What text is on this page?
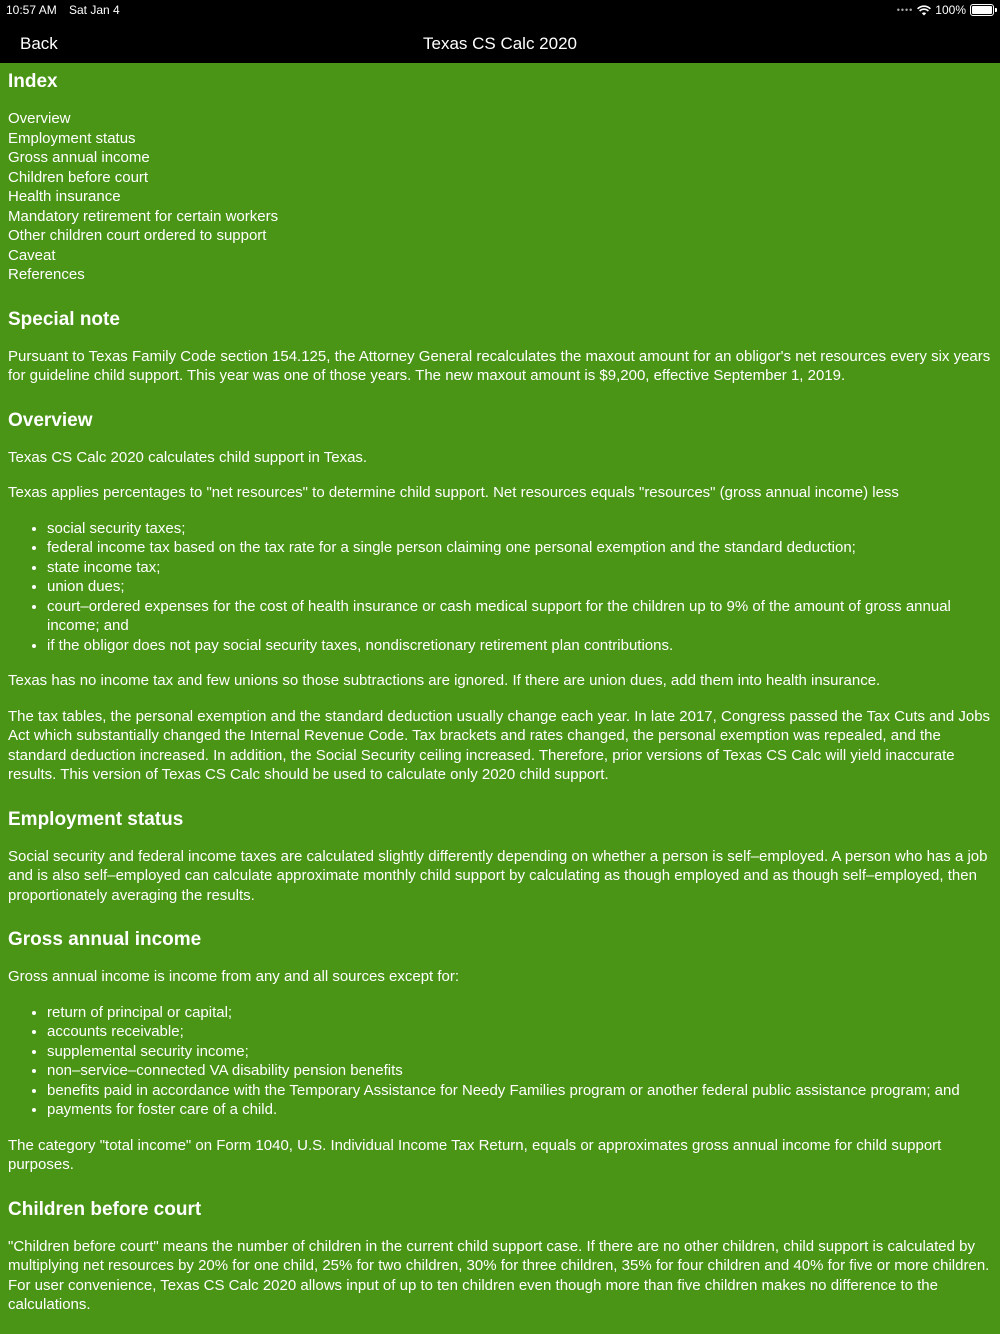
10:57 AM Sat Jan 4	•••• 100%
Back	Texas CS Calc 2020
Index
Overview
Employment status
Gross annual income
Children before court
Health insurance
Mandatory retirement for certain workers
Other children court ordered to support
Caveat
References
Special note

Pursuant to Texas Family Code section 154.125, the Attorney General recalculates the maxout amount for an obligor's net resources every six years for guideline child support. This year was one of those years. The new maxout amount is $9,200, effective September 1, 2019.

Overview

Texas CS Calc 2020 calculates child support in Texas.

Texas applies percentages to "net resources" to determine child support. Net resources equals "resources" (gross annual income) less

• social security taxes;
• federal income tax based on the tax rate for a single person claiming one personal exemption and the standard deduction;
• state income tax;
• union dues;
• court–ordered expenses for the cost of health insurance or cash medical support for the children up to 9% of the amount of gross annual income; and
• if the obligor does not pay social security taxes, nondiscretionary retirement plan contributions.

Texas has no income tax and few unions so those subtractions are ignored. If there are union dues, add them into health insurance.

The tax tables, the personal exemption and the standard deduction usually change each year. In late 2017, Congress passed the Tax Cuts and Jobs Act which substantially changed the Internal Revenue Code. Tax brackets and rates changed, the personal exemption was repealed, and the standard deduction increased. In addition, the Social Security ceiling increased. Therefore, prior versions of Texas CS Calc will yield inaccurate results. This version of Texas CS Calc should be used to calculate only 2020 child support.

Employment status

Social security and federal income taxes are calculated slightly differently depending on whether a person is self–employed. A person who has a job and is also self–employed can calculate approximate monthly child support by calculating as though employed and as though self–employed, then proportionately averaging the results.

Gross annual income

Gross annual income is income from any and all sources except for:

• return of principal or capital;
• accounts receivable;
• supplemental security income;
• non–service–connected VA disability pension benefits
• benefits paid in accordance with the Temporary Assistance for Needy Families program or another federal public assistance program; and
• payments for foster care of a child.

The category "total income" on Form 1040, U.S. Individual Income Tax Return, equals or approximates gross annual income for child support purposes.

Children before court

"Children before court" means the number of children in the current child support case. If there are no other children, child support is calculated by multiplying net resources by 20% for one child, 25% for two children, 30% for three children, 35% for four children and 40% for five or more children. For user convenience, Texas CS Calc 2020 allows input of up to ten children even though more than five children makes no difference to the calculations.
